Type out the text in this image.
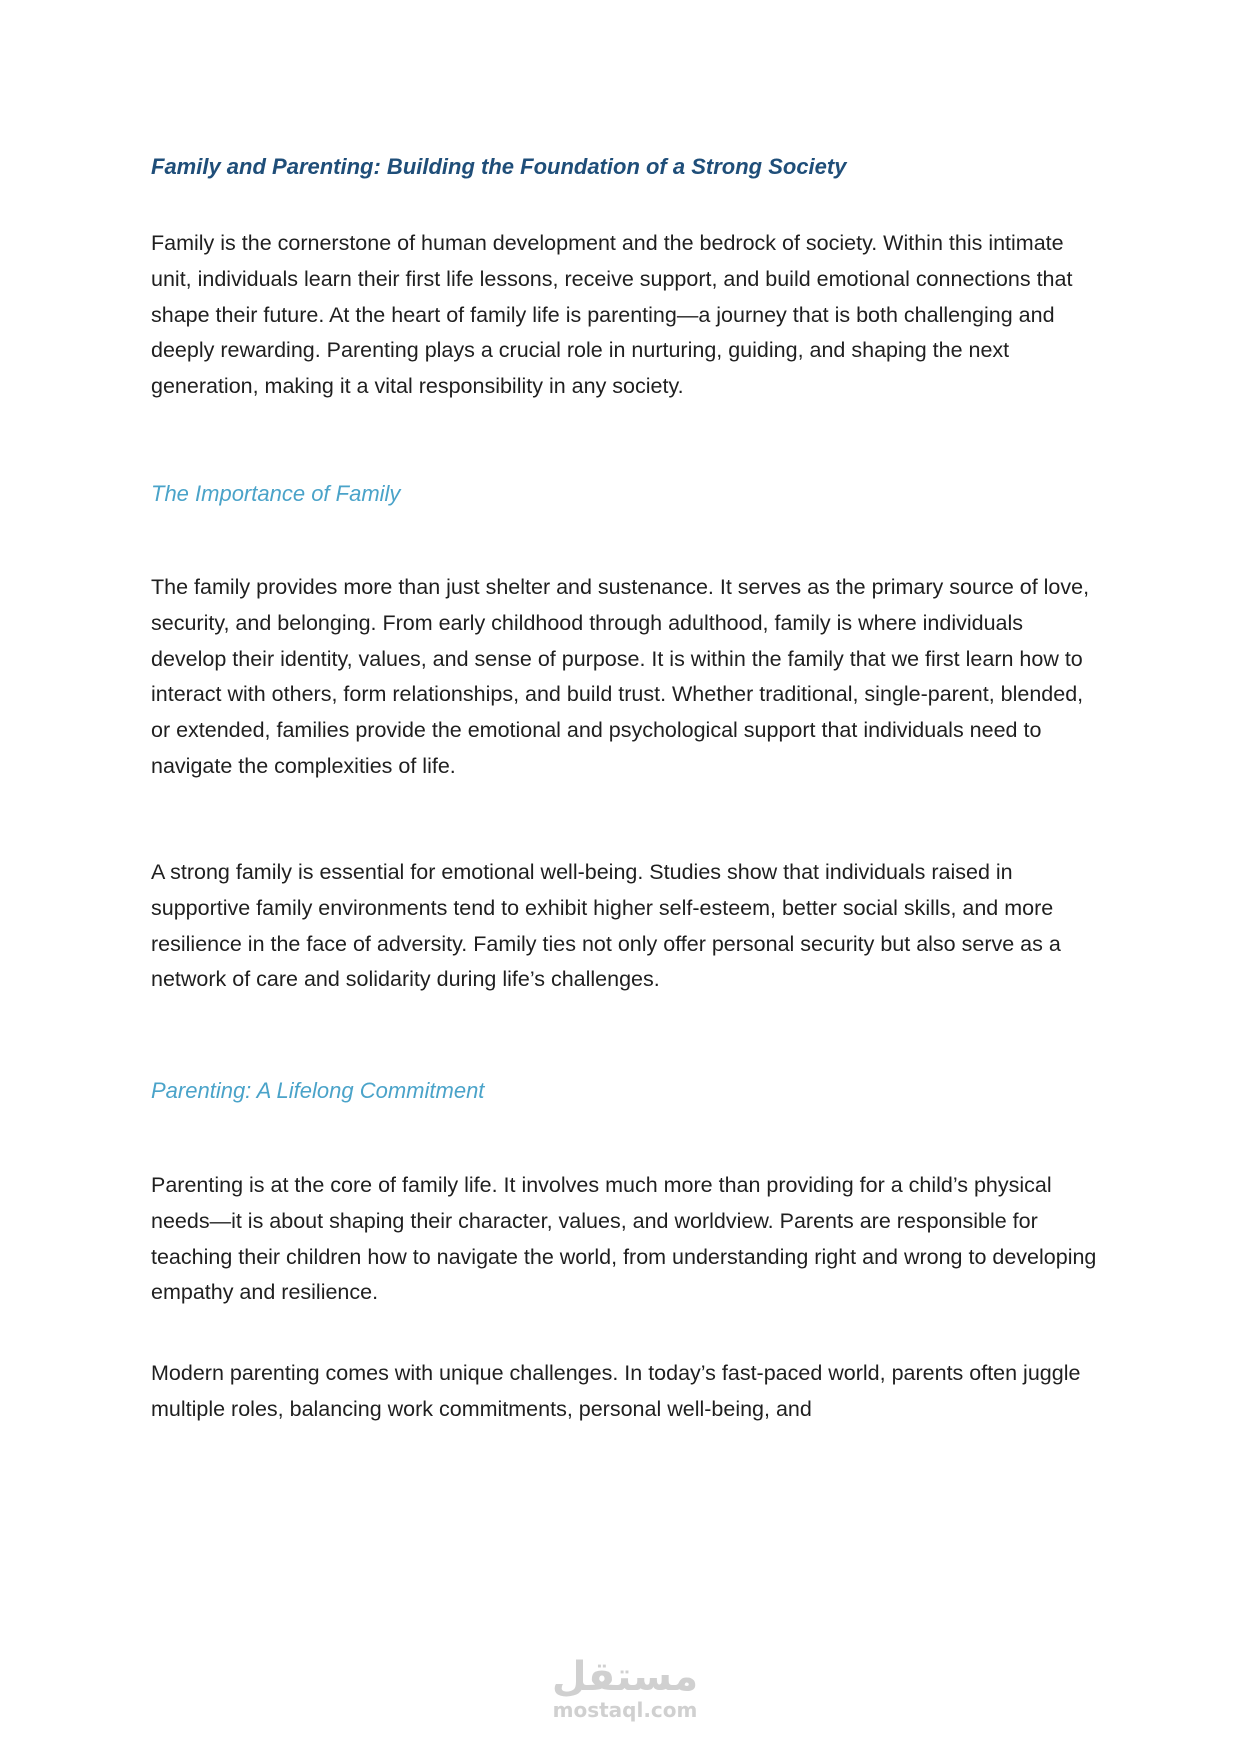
Family and Parenting: Building the Foundation of a Strong Society

Family is the cornerstone of human development and the bedrock of society. Within this intimate unit, individuals learn their first life lessons, receive support, and build emotional connections that shape their future. At the heart of family life is parenting—a journey that is both challenging and deeply rewarding. Parenting plays a crucial role in nurturing, guiding, and shaping the next generation, making it a vital responsibility in any society.

The Importance of Family

The family provides more than just shelter and sustenance. It serves as the primary source of love, security, and belonging. From early childhood through adulthood, family is where individuals develop their identity, values, and sense of purpose. It is within the family that we first learn how to interact with others, form relationships, and build trust. Whether traditional, single-parent, blended, or extended, families provide the emotional and psychological support that individuals need to navigate the complexities of life.

A strong family is essential for emotional well-being. Studies show that individuals raised in supportive family environments tend to exhibit higher self-esteem, better social skills, and more resilience in the face of adversity. Family ties not only offer personal security but also serve as a network of care and solidarity during life’s challenges.

Parenting: A Lifelong Commitment

Parenting is at the core of family life. It involves much more than providing for a child’s physical needs—it is about shaping their character, values, and worldview. Parents are responsible for teaching their children how to navigate the world, from understanding right and wrong to developing empathy and resilience.

Modern parenting comes with unique challenges. In today’s fast-paced world, parents often juggle multiple roles, balancing work commitments, personal well-being, and

مستقل
mostaql.com
